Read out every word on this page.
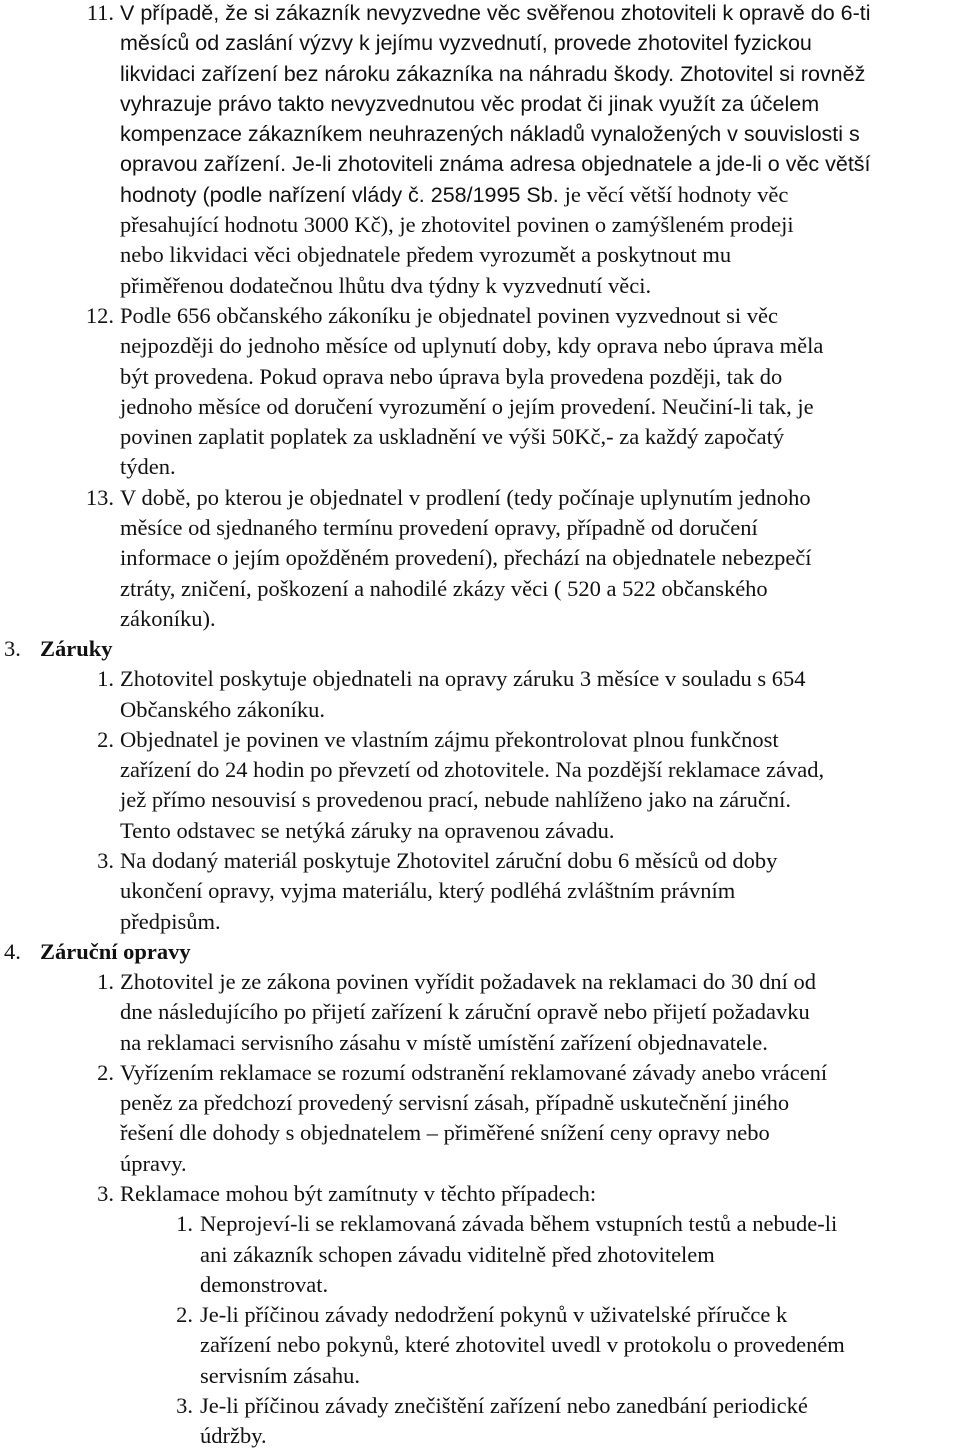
11. V případě, že si zákazník nevyzvedne věc svěřenou zhotoviteli k opravě do 6-ti
měsíců od zaslání výzvy k jejímu vyzvednutí, provede zhotovitel fyzickou
likvidaci zařízení bez nároku zákazníka na náhradu škody. Zhotovitel si rovněž
vyhrazuje právo takto nevyzvednutou věc prodat či jinak využít za účelem
kompenzace zákazníkem neuhrazených nákladů vynaložených v souvislosti s
opravou zařízení. Je-li zhotoviteli známa adresa objednatele a jde-li o věc větší
hodnoty (podle nařízení vlády č. 258/1995 Sb. je věcí větší hodnoty věc
přesahující hodnotu 3000 Kč), je zhotovitel povinen o zamýšleném prodeji
nebo likvidaci věci objednatele předem vyrozumět a poskytnout mu
přiměřenou dodatečnou lhůtu dva týdny k vyzvednutí věci.
12. Podle 656 občanského zákoníku je objednatel povinen vyzvednout si věc
nejpozději do jednoho měsíce od uplynutí doby, kdy oprava nebo úprava měla
být provedena. Pokud oprava nebo úprava byla provedena později, tak do
jednoho měsíce od doručení vyrozumění o jejím provedení. Neučiní-li tak, je
povinen zaplatit poplatek za uskladnění ve výši 50Kč,- za každý započatý
týden.
13. V době, po kterou je objednatel v prodlení (tedy počínaje uplynutím jednoho
měsíce od sjednaného termínu provedení opravy, případně od doručení
informace o jejím opožděném provedení), přechází na objednatele nebezpečí
ztráty, zničení, poškození a nahodilé zkázy věci ( 520 a 522 občanského
zákoníku).
3. Záruky
1. Zhotovitel poskytuje objednateli na opravy záruku 3 měsíce v souladu s 654
Občanského zákoníku.
2. Objednatel je povinen ve vlastním zájmu překontrolovat plnou funkčnost
zařízení do 24 hodin po převzetí od zhotovitele. Na pozdější reklamace závad,
jež přímo nesouvisí s provedenou prací, nebude nahlíženo jako na záruční.
Tento odstavec se netýká záruky na opravenou závadu.
3. Na dodaný materiál poskytuje Zhotovitel záruční dobu 6 měsíců od doby
ukončení opravy, vyjma materiálu, který podléhá zvláštním právním
předpisům.
4. Záruční opravy
1. Zhotovitel je ze zákona povinen vyřídit požadavek na reklamaci do 30 dní od
dne následujícího po přijetí zařízení k záruční opravě nebo přijetí požadavku
na reklamaci servisního zásahu v místě umístění zařízení objednavatele.
2. Vyřízením reklamace se rozumí odstranění reklamované závady anebo vrácení
peněz za předchozí provedený servisní zásah, případně uskutečnění jiného
řešení dle dohody s objednatelem – přiměřené snížení ceny opravy nebo
úpravy.
3. Reklamace mohou být zamítnuty v těchto případech:
1. Neprojeví-li se reklamovaná závada během vstupních testů a nebude-li
ani zákazník schopen závadu viditelně před zhotovitelem
demonstrovat.
2. Je-li příčinou závady nedodržení pokynů v uživatelské příručce k
zařízení nebo pokynů, které zhotovitel uvedl v protokolu o provedeném
servisním zásahu.
3. Je-li příčinou závady znečištění zařízení nebo zanedbání periodické
údržby.
